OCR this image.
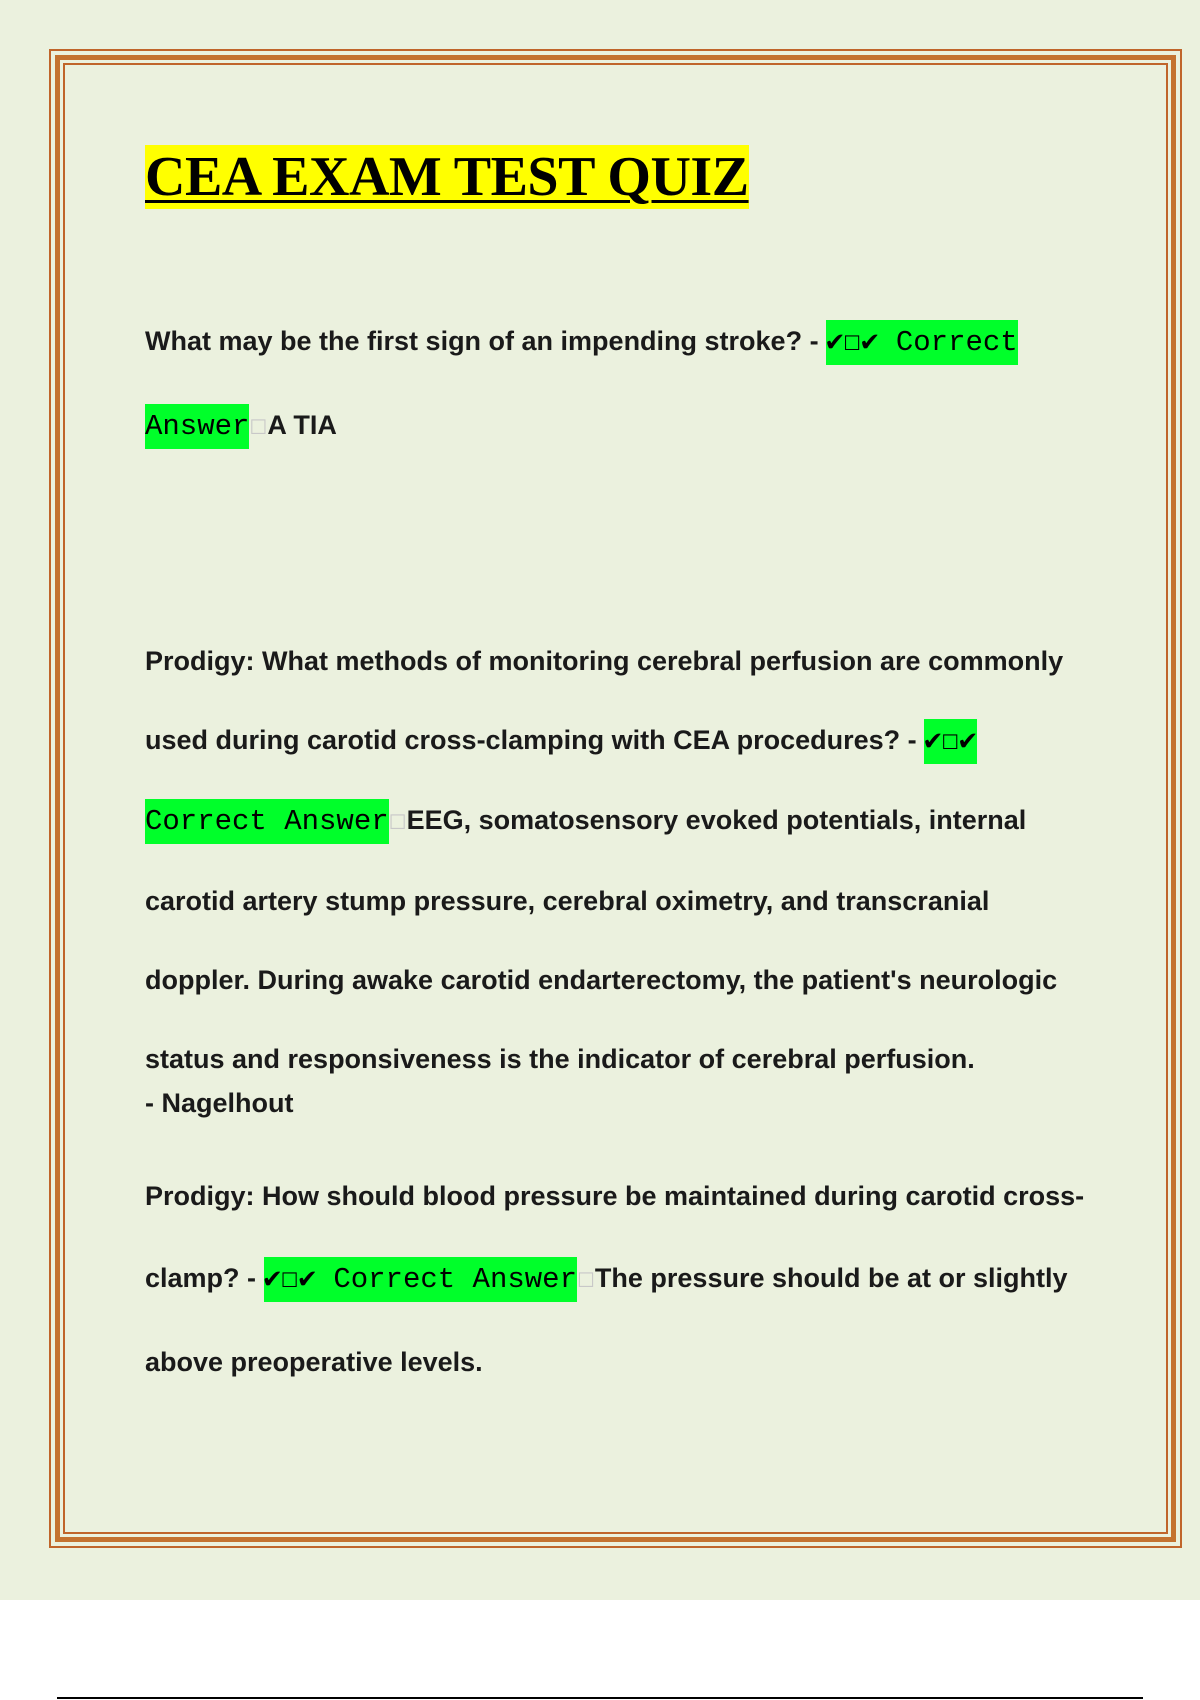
CEA EXAM TEST QUIZ

What may be the first sign of an impending stroke? - ✔☐✔ Correct Answer☐A TIA

Prodigy: What methods of monitoring cerebral perfusion are commonly used during carotid cross-clamping with CEA procedures? - ✔☐✔ Correct Answer☐EEG, somatosensory evoked potentials, internal carotid artery stump pressure, cerebral oximetry, and transcranial doppler. During awake carotid endarterectomy, the patient's neurologic status and responsiveness is the indicator of cerebral perfusion.

- Nagelhout

Prodigy: How should blood pressure be maintained during carotid cross-clamp? - ✔☐✔ Correct Answer☐The pressure should be at or slightly above preoperative levels.
